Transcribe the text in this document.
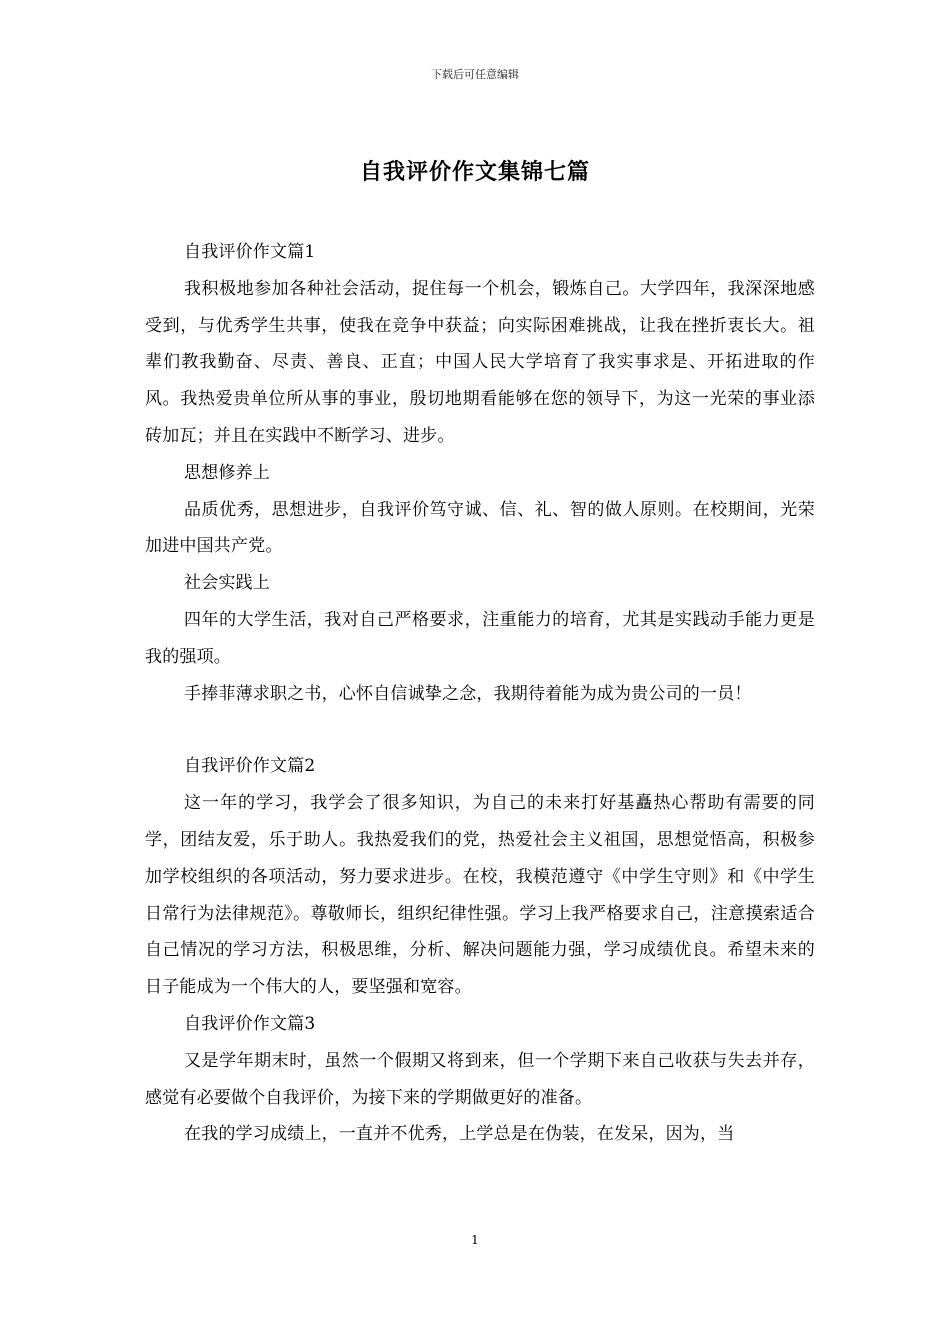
下载后可任意编辑
自我评价作文集锦七篇

自我评价作文篇1

我积极地参加各种社会活动，捉住每一个机会，锻炼自己。大学四年，我深深地感受到，与优秀学生共事，使我在竞争中获益；向实际困难挑战，让我在挫折衷长大。祖辈们教我勤奋、尽责、善良、正直；中国人民大学培育了我实事求是、开拓进取的作风。我热爱贵单位所从事的事业，殷切地期看能够在您的领导下，为这一光荣的事业添砖加瓦；并且在实践中不断学习、进步。

思想修养上

品质优秀，思想进步，自我评价笃守诚、信、礼、智的做人原则。在校期间，光荣加进中国共产党。

社会实践上

四年的大学生活，我对自己严格要求，注重能力的培育，尤其是实践动手能力更是我的强项。

手捧菲薄求职之书，心怀自信诚挚之念，我期待着能为成为贵公司的一员！

自我评价作文篇2

这一年的学习，我学会了很多知识，为自己的未来打好基矗热心帮助有需要的同学，团结友爱，乐于助人。我热爱我们的党，热爱社会主义祖国，思想觉悟高，积极参加学校组织的各项活动，努力要求进步。在校，我模范遵守《中学生守则》和《中学生日常行为法律规范》。尊敬师长，组织纪律性强。学习上我严格要求自己，注意摸索适合自己情况的学习方法，积极思维，分析、解决问题能力强，学习成绩优良。希望未来的日子能成为一个伟大的人，要坚强和宽容。

自我评价作文篇3

又是学年期末时，虽然一个假期又将到来，但一个学期下来自己收获与失去并存，感觉有必要做个自我评价，为接下来的学期做更好的准备。

在我的学习成绩上，一直并不优秀，上学总是在伪装，在发呆，因为，当

1
